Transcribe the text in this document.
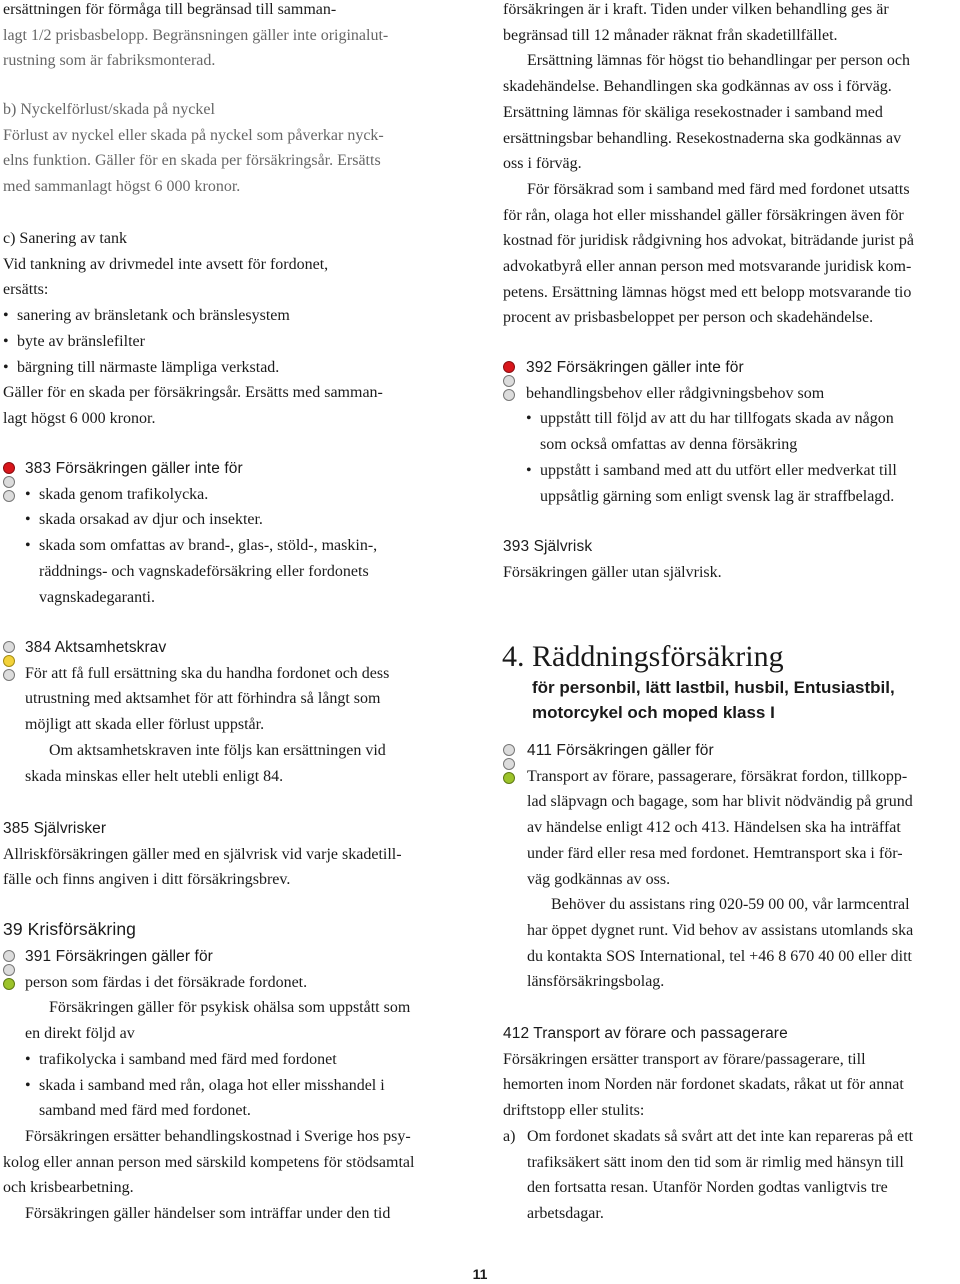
ersättningen för förmåga till begränsad till samman-
lagt 1/2 prisbasbelopp. Begränsningen gäller inte originalut-
rustning som är fabriksmonterad.
b) Nyckelförlust/skada på nyckel
Förlust av nyckel eller skada på nyckel som påverkar nyck-
elns funktion. Gäller för en skada per försäkringsår. Ersätts
med sammanlagt högst 6 000 kronor.
c) Sanering av tank
Vid tankning av drivmedel inte avsett för fordonet,
ersätts:
• sanering av bränsletank och bränslesystem
• byte av bränslefilter
• bärgning till närmaste lämpliga verkstad.
Gäller för en skada per försäkringsår. Ersätts med samman-
lagt högst 6 000 kronor.
383 Försäkringen gäller inte för
• skada genom trafikolycka.
• skada orsakad av djur och insekter.
• skada som omfattas av brand-, glas-, stöld-, maskin-,
räddnings- och vagnskadeförsäkring eller fordonets
vagnskadegaranti.
384 Aktsamhetskrav
För att få full ersättning ska du handha fordonet och dess
utrustning med aktsamhet för att förhindra så långt som
möjligt att skada eller förlust uppstår.
Om aktsamhetskraven inte följs kan ersättningen vid
skada minskas eller helt utebli enligt 84.
385 Självrisker
Allriskförsäkringen gäller med en självrisk vid varje skadetill-
fälle och finns angiven i ditt försäkringsbrev.
39 Krisförsäkring
391 Försäkringen gäller för
person som färdas i det försäkrade fordonet.
Försäkringen gäller för psykisk ohälsa som uppstått som
en direkt följd av
• trafikolycka i samband med färd med fordonet
• skada i samband med rån, olaga hot eller misshandel i
samband med färd med fordonet.
Försäkringen ersätter behandlingskostnad i Sverige hos psy-
kolog eller annan person med särskild kompetens för stödsamtal
och krisbearbetning.
Försäkringen gäller händelser som inträffar under den tid
försäkringen är i kraft. Tiden under vilken behandling ges är
begränsad till 12 månader räknat från skadetillfället.
Ersättning lämnas för högst tio behandlingar per person och
skadehändelse. Behandlingen ska godkännas av oss i förväg.
Ersättning lämnas för skäliga resekostnader i samband med
ersättningsbar behandling. Resekostnaderna ska godkännas av
oss i förväg.
För försäkrad som i samband med färd med fordonet utsatts
för rån, olaga hot eller misshandel gäller försäkringen även för
kostnad för juridisk rådgivning hos advokat, biträdande jurist på
advokatbyrå eller annan person med motsvarande juridisk kom-
petens. Ersättning lämnas högst med ett belopp motsvarande tio
procent av prisbasbeloppet per person och skadehändelse.
392 Försäkringen gäller inte för
behandlingsbehov eller rådgivningsbehov som
• uppstått till följd av att du har tillfogats skada av någon
som också omfattas av denna försäkring
• uppstått i samband med att du utfört eller medverkat till
uppsåtlig gärning som enligt svensk lag är straffbelagd.
393 Självrisk
Försäkringen gäller utan självrisk.
4. Räddningsförsäkring
för personbil, lätt lastbil, husbil, Entusiastbil,
motorcykel och moped klass I
411 Försäkringen gäller för
Transport av förare, passagerare, försäkrat fordon, tillkopp-
lad släpvagn och bagage, som har blivit nödvändig på grund
av händelse enligt 412 och 413. Händelsen ska ha inträffat
under färd eller resa med fordonet. Hemtransport ska i för-
väg godkännas av oss.
Behöver du assistans ring 020-59 00 00, vår larmcentral
har öppet dygnet runt. Vid behov av assistans utomlands ska
du kontakta SOS International, tel +46 8 670 40 00 eller ditt
länsförsäkringsbolag.
412 Transport av förare och passagerare
Försäkringen ersätter transport av förare/passagerare, till
hemorten inom Norden när fordonet skadats, råkat ut för annat
driftstopp eller stulits:
a) Om fordonet skadats så svårt att det inte kan repareras på ett
trafiksäkert sätt inom den tid som är rimlig med hänsyn till
den fortsatta resan. Utanför Norden godtas vanligtvis tre
arbetsdagar.
11
